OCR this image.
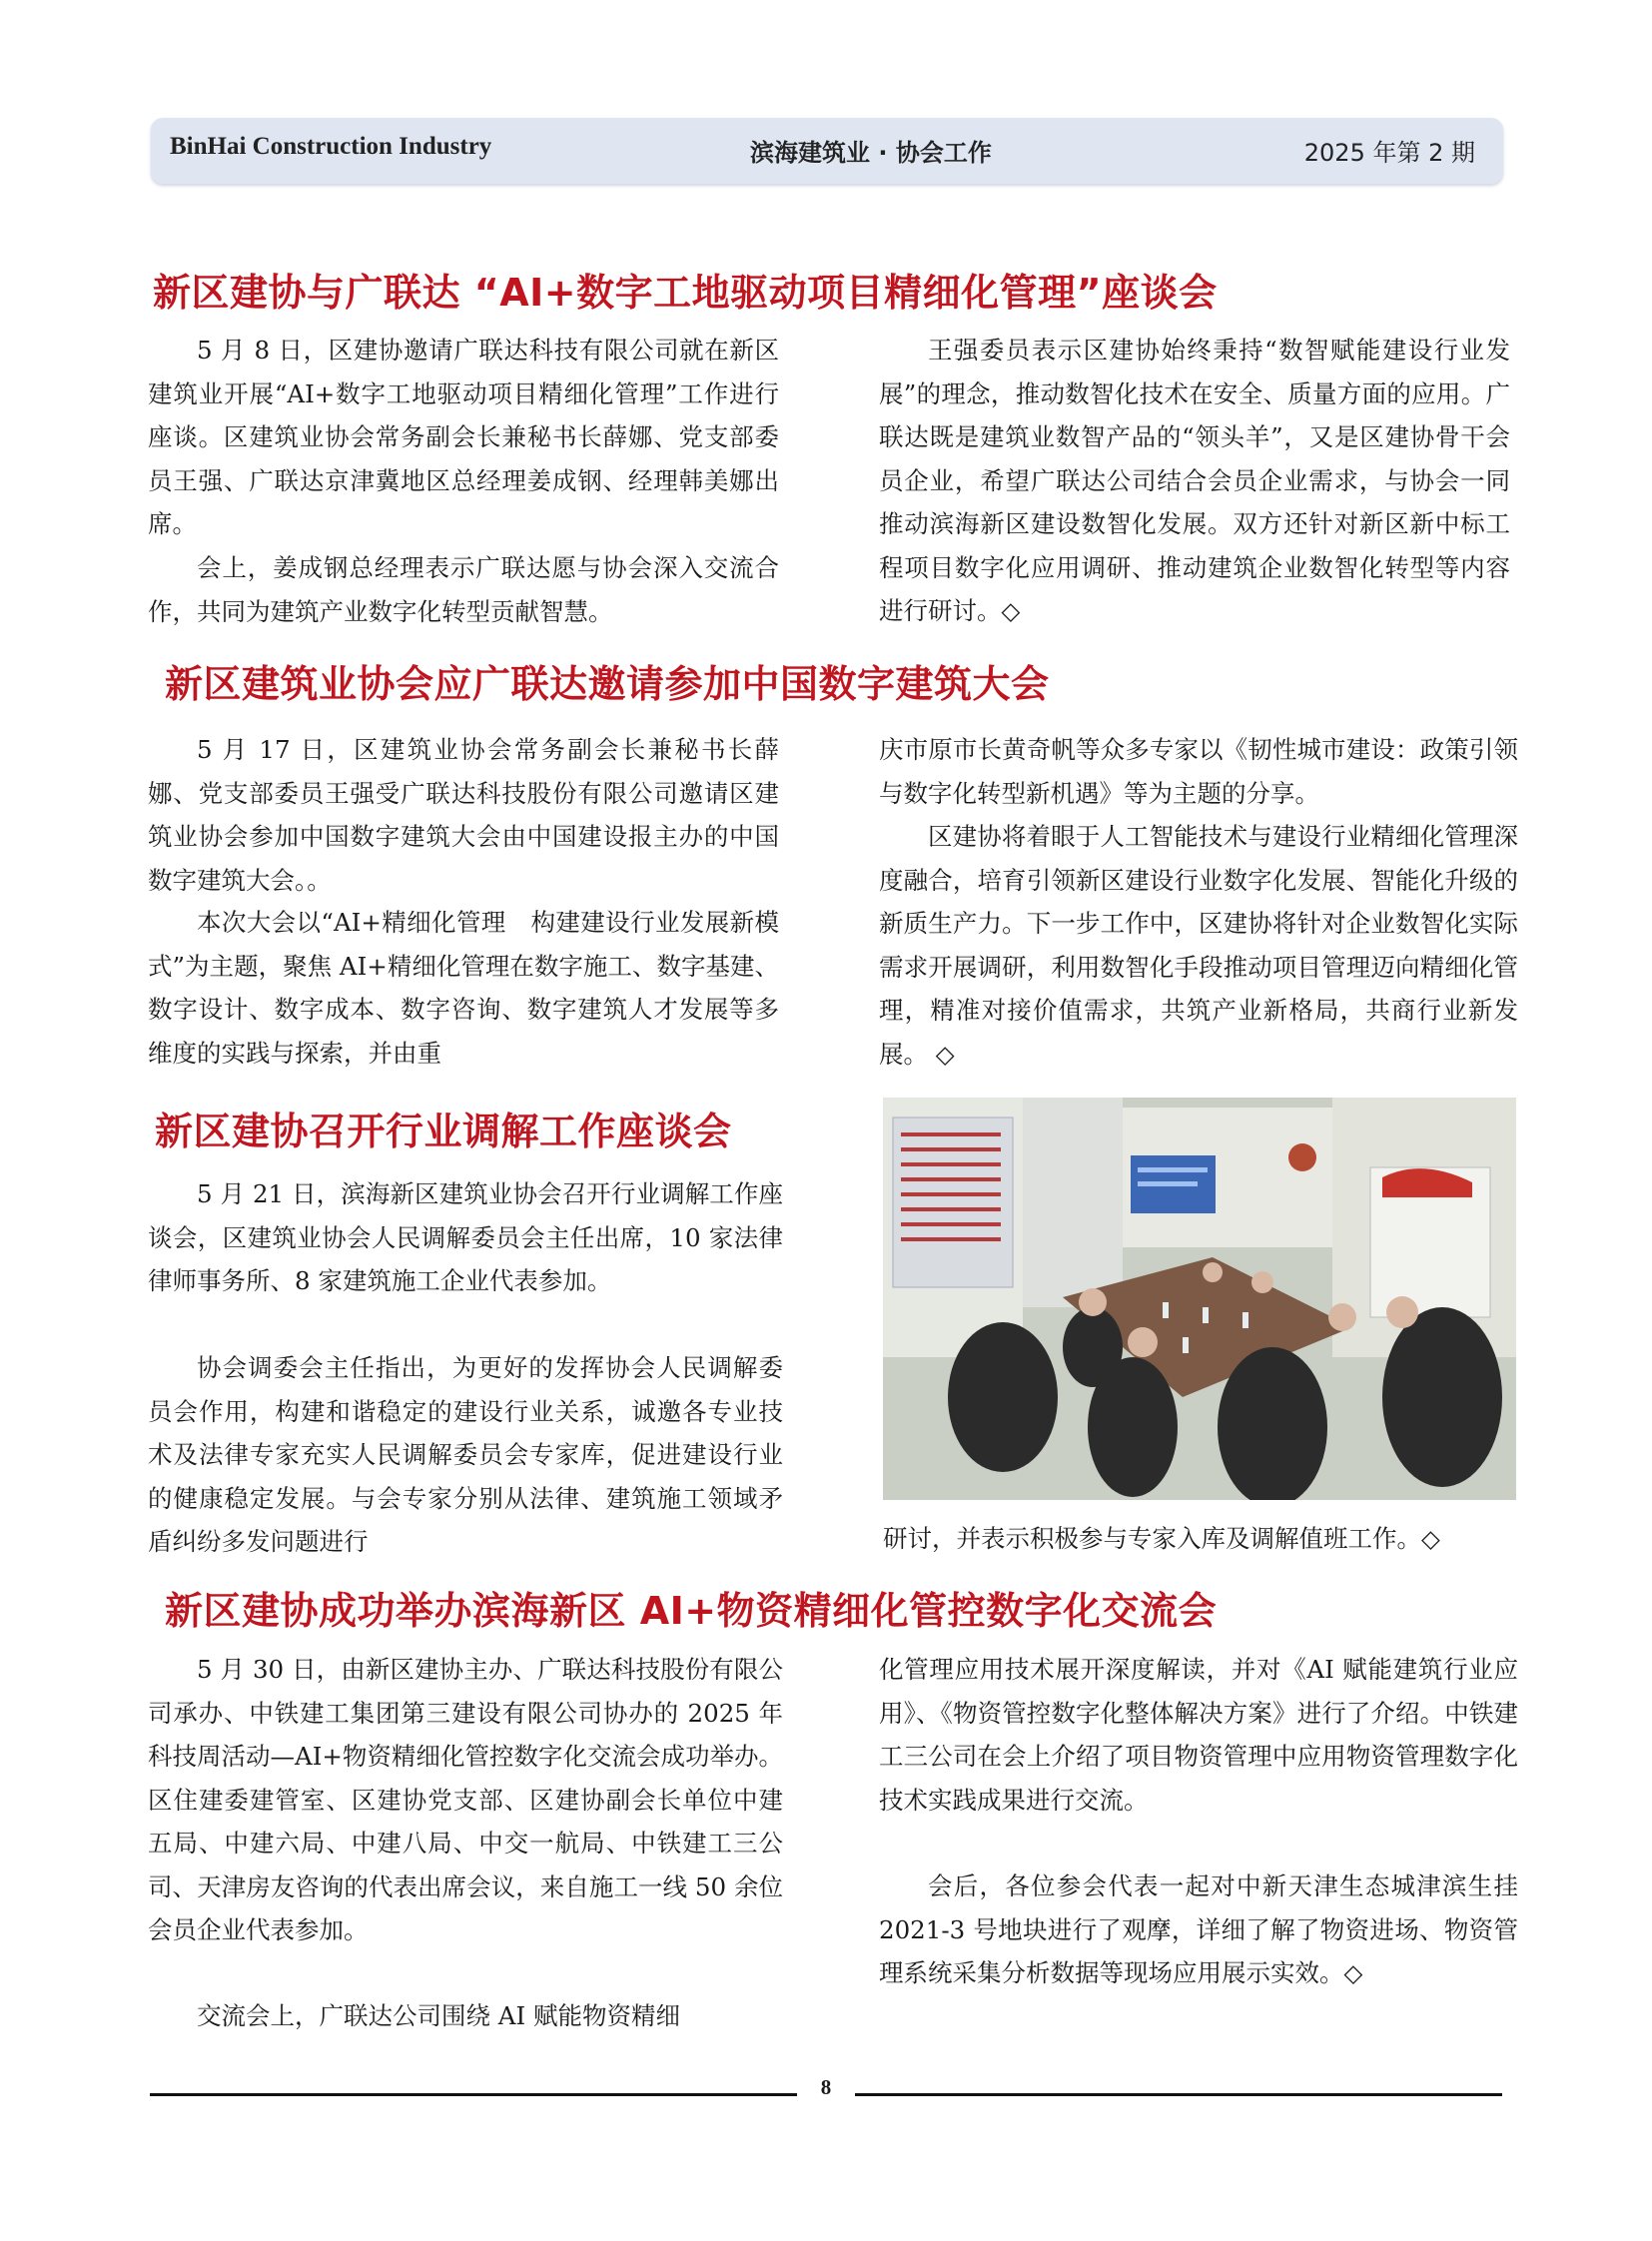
BinHai Construction Industry	滨海建筑业 · 协会工作	2025 年第 2 期
新区建协与广联达 “AI+数字工地驱动项目精细化管理”座谈会

5 月 8 日，区建协邀请广联达科技有限公司就在新区建筑业开展“AI+数字工地驱动项目精细化管理”工作进行座谈。区建筑业协会常务副会长兼秘书长薛娜、党支部委员王强、广联达京津冀地区总经理姜成钢、经理韩美娜出席。

会上，姜成钢总经理表示广联达愿与协会深入交流合作，共同为建筑产业数字化转型贡献智慧。

王强委员表示区建协始终秉持“数智赋能建设行业发展”的理念，推动数智化技术在安全、质量方面的应用。广联达既是建筑业数智产品的“领头羊”，又是区建协骨干会员企业，希望广联达公司结合会员企业需求，与协会一同推动滨海新区建设数智化发展。双方还针对新区新中标工程项目数字化应用调研、推动建筑企业数智化转型等内容进行研讨。◇

新区建筑业协会应广联达邀请参加中国数字建筑大会

5 月 17 日，区建筑业协会常务副会长兼秘书长薛娜、党支部委员王强受广联达科技股份有限公司邀请区建筑业协会参加中国数字建筑大会由中国建设报主办的中国数字建筑大会。。

本次大会以“AI+精细化管理　构建建设行业发展新模式”为主题，聚焦 AI+精细化管理在数字施工、数字基建、数字设计、数字成本、数字咨询、数字建筑人才发展等多维度的实践与探索，并由重

庆市原市长黄奇帆等众多专家以《韧性城市建设：政策引领与数字化转型新机遇》等为主题的分享。

区建协将着眼于人工智能技术与建设行业精细化管理深度融合，培育引领新区建设行业数字化发展、智能化升级的新质生产力。下一步工作中，区建协将针对企业数智化实际需求开展调研，利用数智化手段推动项目管理迈向精细化管理，精准对接价值需求，共筑产业新格局，共商行业新发展。 ◇

新区建协召开行业调解工作座谈会

5 月 21 日，滨海新区建筑业协会召开行业调解工作座谈会，区建筑业协会人民调解委员会主任出席，10 家法律律师事务所、8 家建筑施工企业代表参加。

协会调委会主任指出，为更好的发挥协会人民调解委员会作用，构建和谐稳定的建设行业关系，诚邀各专业技术及法律专家充实人民调解委员会专家库，促进建设行业的健康稳定发展。与会专家分别从法律、建筑施工领域矛盾纠纷多发问题进行	研讨，并表示积极参与专家入库及调解值班工作。◇
新区建协成功举办滨海新区 AI+物资精细化管控数字化交流会

5 月 30 日，由新区建协主办、广联达科技股份有限公司承办、中铁建工集团第三建设有限公司协办的 2025 年科技周活动—AI+物资精细化管控数字化交流会成功举办。区住建委建管室、区建协党支部、区建协副会长单位中建五局、中建六局、中建八局、中交一航局、中铁建工三公司、天津房友咨询的代表出席会议，来自施工一线 50 余位会员企业代表参加。

交流会上，广联达公司围绕 AI 赋能物资精细

化管理应用技术展开深度解读，并对《AI 赋能建筑行业应用》、《物资管控数字化整体解决方案》进行了介绍。中铁建工三公司在会上介绍了项目物资管理中应用物资管理数字化技术实践成果进行交流。

会后，各位参会代表一起对中新天津生态城津滨生挂 2021-3 号地块进行了观摩，详细了解了物资进场、物资管理系统采集分析数据等现场应用展示实效。◇

8
